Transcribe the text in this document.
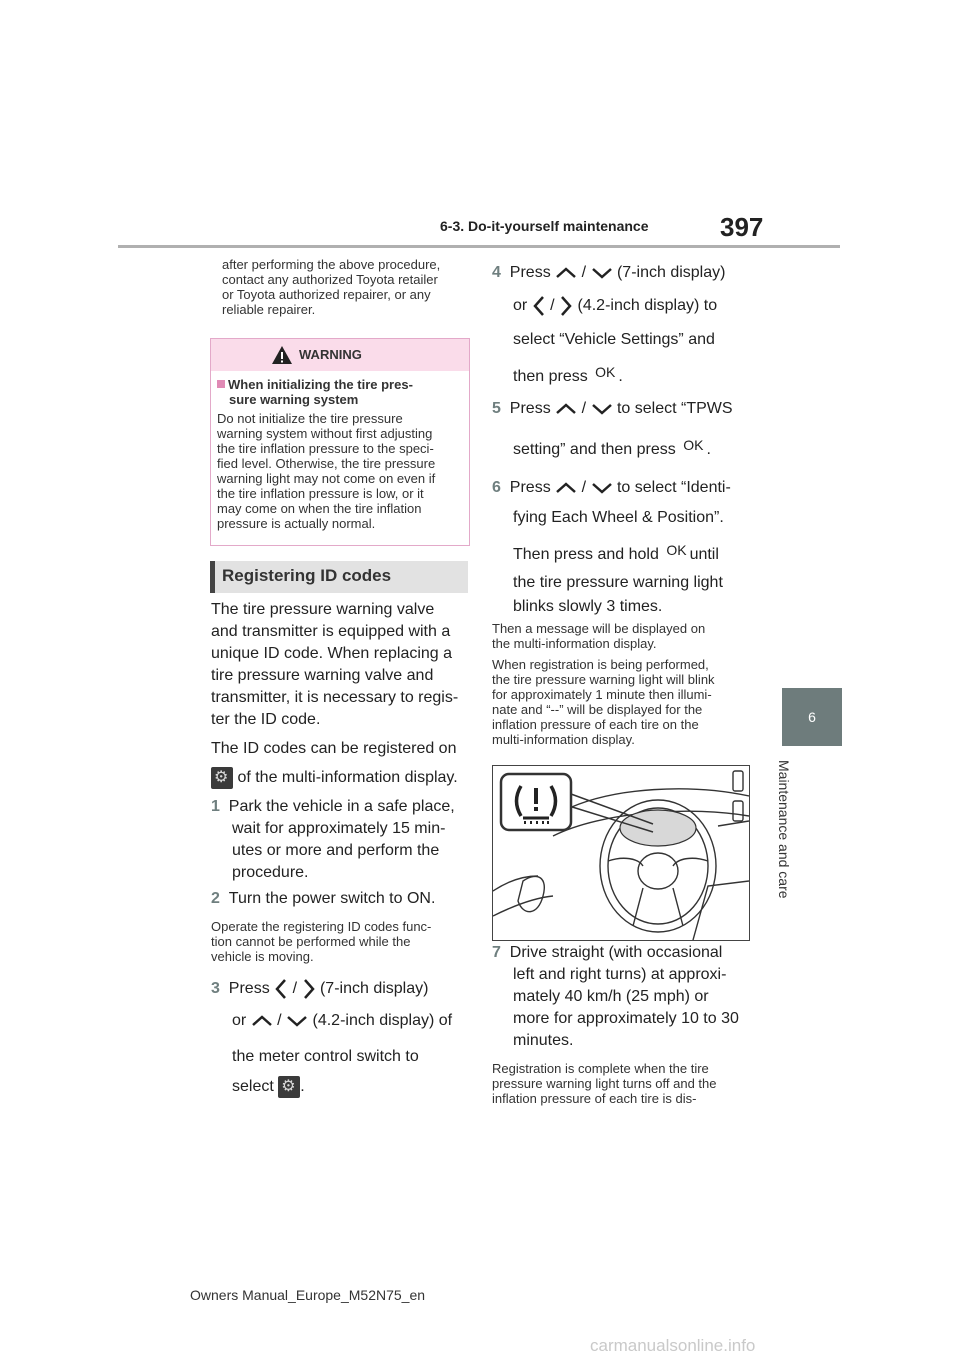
6-3. Do-it-yourself maintenance	397
6
Maintenance and care
after performing the above procedure,
contact any authorized Toyota retailer
or Toyota authorized repairer, or any
reliable repairer.
WARNING
When initializing the tire pres-
sure warning system
Do not initialize the tire pressure
warning system without first adjusting
the tire inflation pressure to the speci-
fied level. Otherwise, the tire pressure
warning light may not come on even if
the tire inflation pressure is low, or it
may come on when the tire inflation
pressure is actually normal.
Registering ID codes
The tire pressure warning valve
and transmitter is equipped with a
unique ID code. When replacing a
tire pressure warning valve and
transmitter, it is necessary to regis-
ter the ID code.
The ID codes can be registered on
⚙ of the multi-information display.
1 Park the vehicle in a safe place,
wait for approximately 15 min-
utes or more and perform the
procedure.
2 Turn the power switch to ON.
Operate the registering ID codes func-
tion cannot be performed while the
vehicle is moving.
3 Press / (7-inch display)
or / (4.2-inch display) of
the meter control switch to
select ⚙ .
4 Press / (7-inch display)
or / (4.2-inch display) to
select “Vehicle Settings” and
then press OK .
5 Press / to select “TPWS
setting” and then press OK .
6 Press / to select “Identi-
fying Each Wheel & Position”.
Then press and hold OK until
the tire pressure warning light
blinks slowly 3 times.
Then a message will be displayed on
the multi-information display.
When registration is being performed,
the tire pressure warning light will blink
for approximately 1 minute then illumi-
nate and “--” will be displayed for the
inflation pressure of each tire on the
multi-information display.
7 Drive straight (with occasional
left and right turns) at approxi-
mately 40 km/h (25 mph) or
more for approximately 10 to 30
minutes.
Registration is complete when the tire
pressure warning light turns off and the
inflation pressure of each tire is dis-
Owners Manual_Europe_M52N75_en
carmanualsonline.info
